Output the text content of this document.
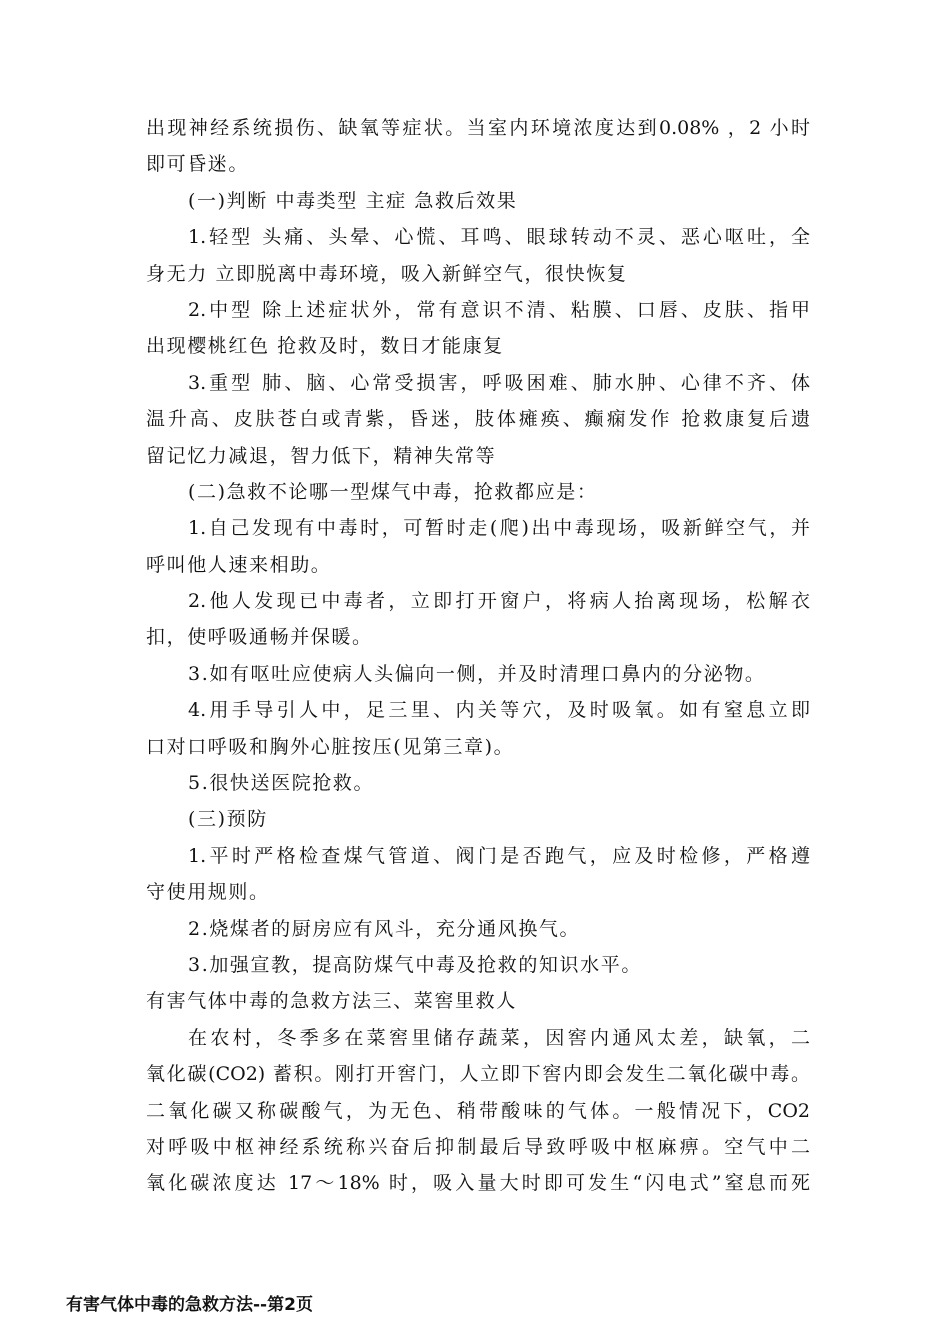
出现神经系统损伤、缺氧等症状。当室内环境浓度达到0.08% ，2 小时
即可昏迷。
(一)判断 中毒类型 主症 急救后效果
1.轻型 头痛、头晕、心慌、耳鸣、眼球转动不灵、恶心呕吐，全
身无力 立即脱离中毒环境，吸入新鲜空气，很快恢复
2.中型 除上述症状外，常有意识不清、粘膜、口唇、皮肤、指甲
出现樱桃红色 抢救及时，数日才能康复
3.重型 肺、脑、心常受损害，呼吸困难、肺水肿、心律不齐、体
温升高、皮肤苍白或青紫，昏迷，肢体瘫痪、癫痫发作 抢救康复后遗
留记忆力减退，智力低下，精神失常等
(二)急救不论哪一型煤气中毒，抢救都应是：
1.自己发现有中毒时，可暂时走(爬)出中毒现场，吸新鲜空气，并
呼叫他人速来相助。
2.他人发现已中毒者，立即打开窗户，将病人抬离现场，松解衣
扣，使呼吸通畅并保暖。
3.如有呕吐应使病人头偏向一侧，并及时清理口鼻内的分泌物。
4.用手导引人中，足三里、内关等穴，及时吸氧。如有窒息立即
口对口呼吸和胸外心脏按压(见第三章)。
5.很快送医院抢救。
(三)预防
1.平时严格检查煤气管道、阀门是否跑气，应及时检修，严格遵
守使用规则。
2.烧煤者的厨房应有风斗，充分通风换气。
3.加强宣教，提高防煤气中毒及抢救的知识水平。
有害气体中毒的急救方法三、菜窖里救人
在农村，冬季多在菜窖里储存蔬菜，因窖内通风太差，缺氧，二
氧化碳(CO2) 蓄积。刚打开窖门，人立即下窖内即会发生二氧化碳中毒。
二氧化碳又称碳酸气，为无色、稍带酸味的气体。一般情况下，CO2
对呼吸中枢神经系统称兴奋后抑制最后导致呼吸中枢麻痹。空气中二
氧化碳浓度达 17～18% 时，吸入量大时即可发生“闪电式”窒息而死
有害气体中毒的急救方法--第2页
